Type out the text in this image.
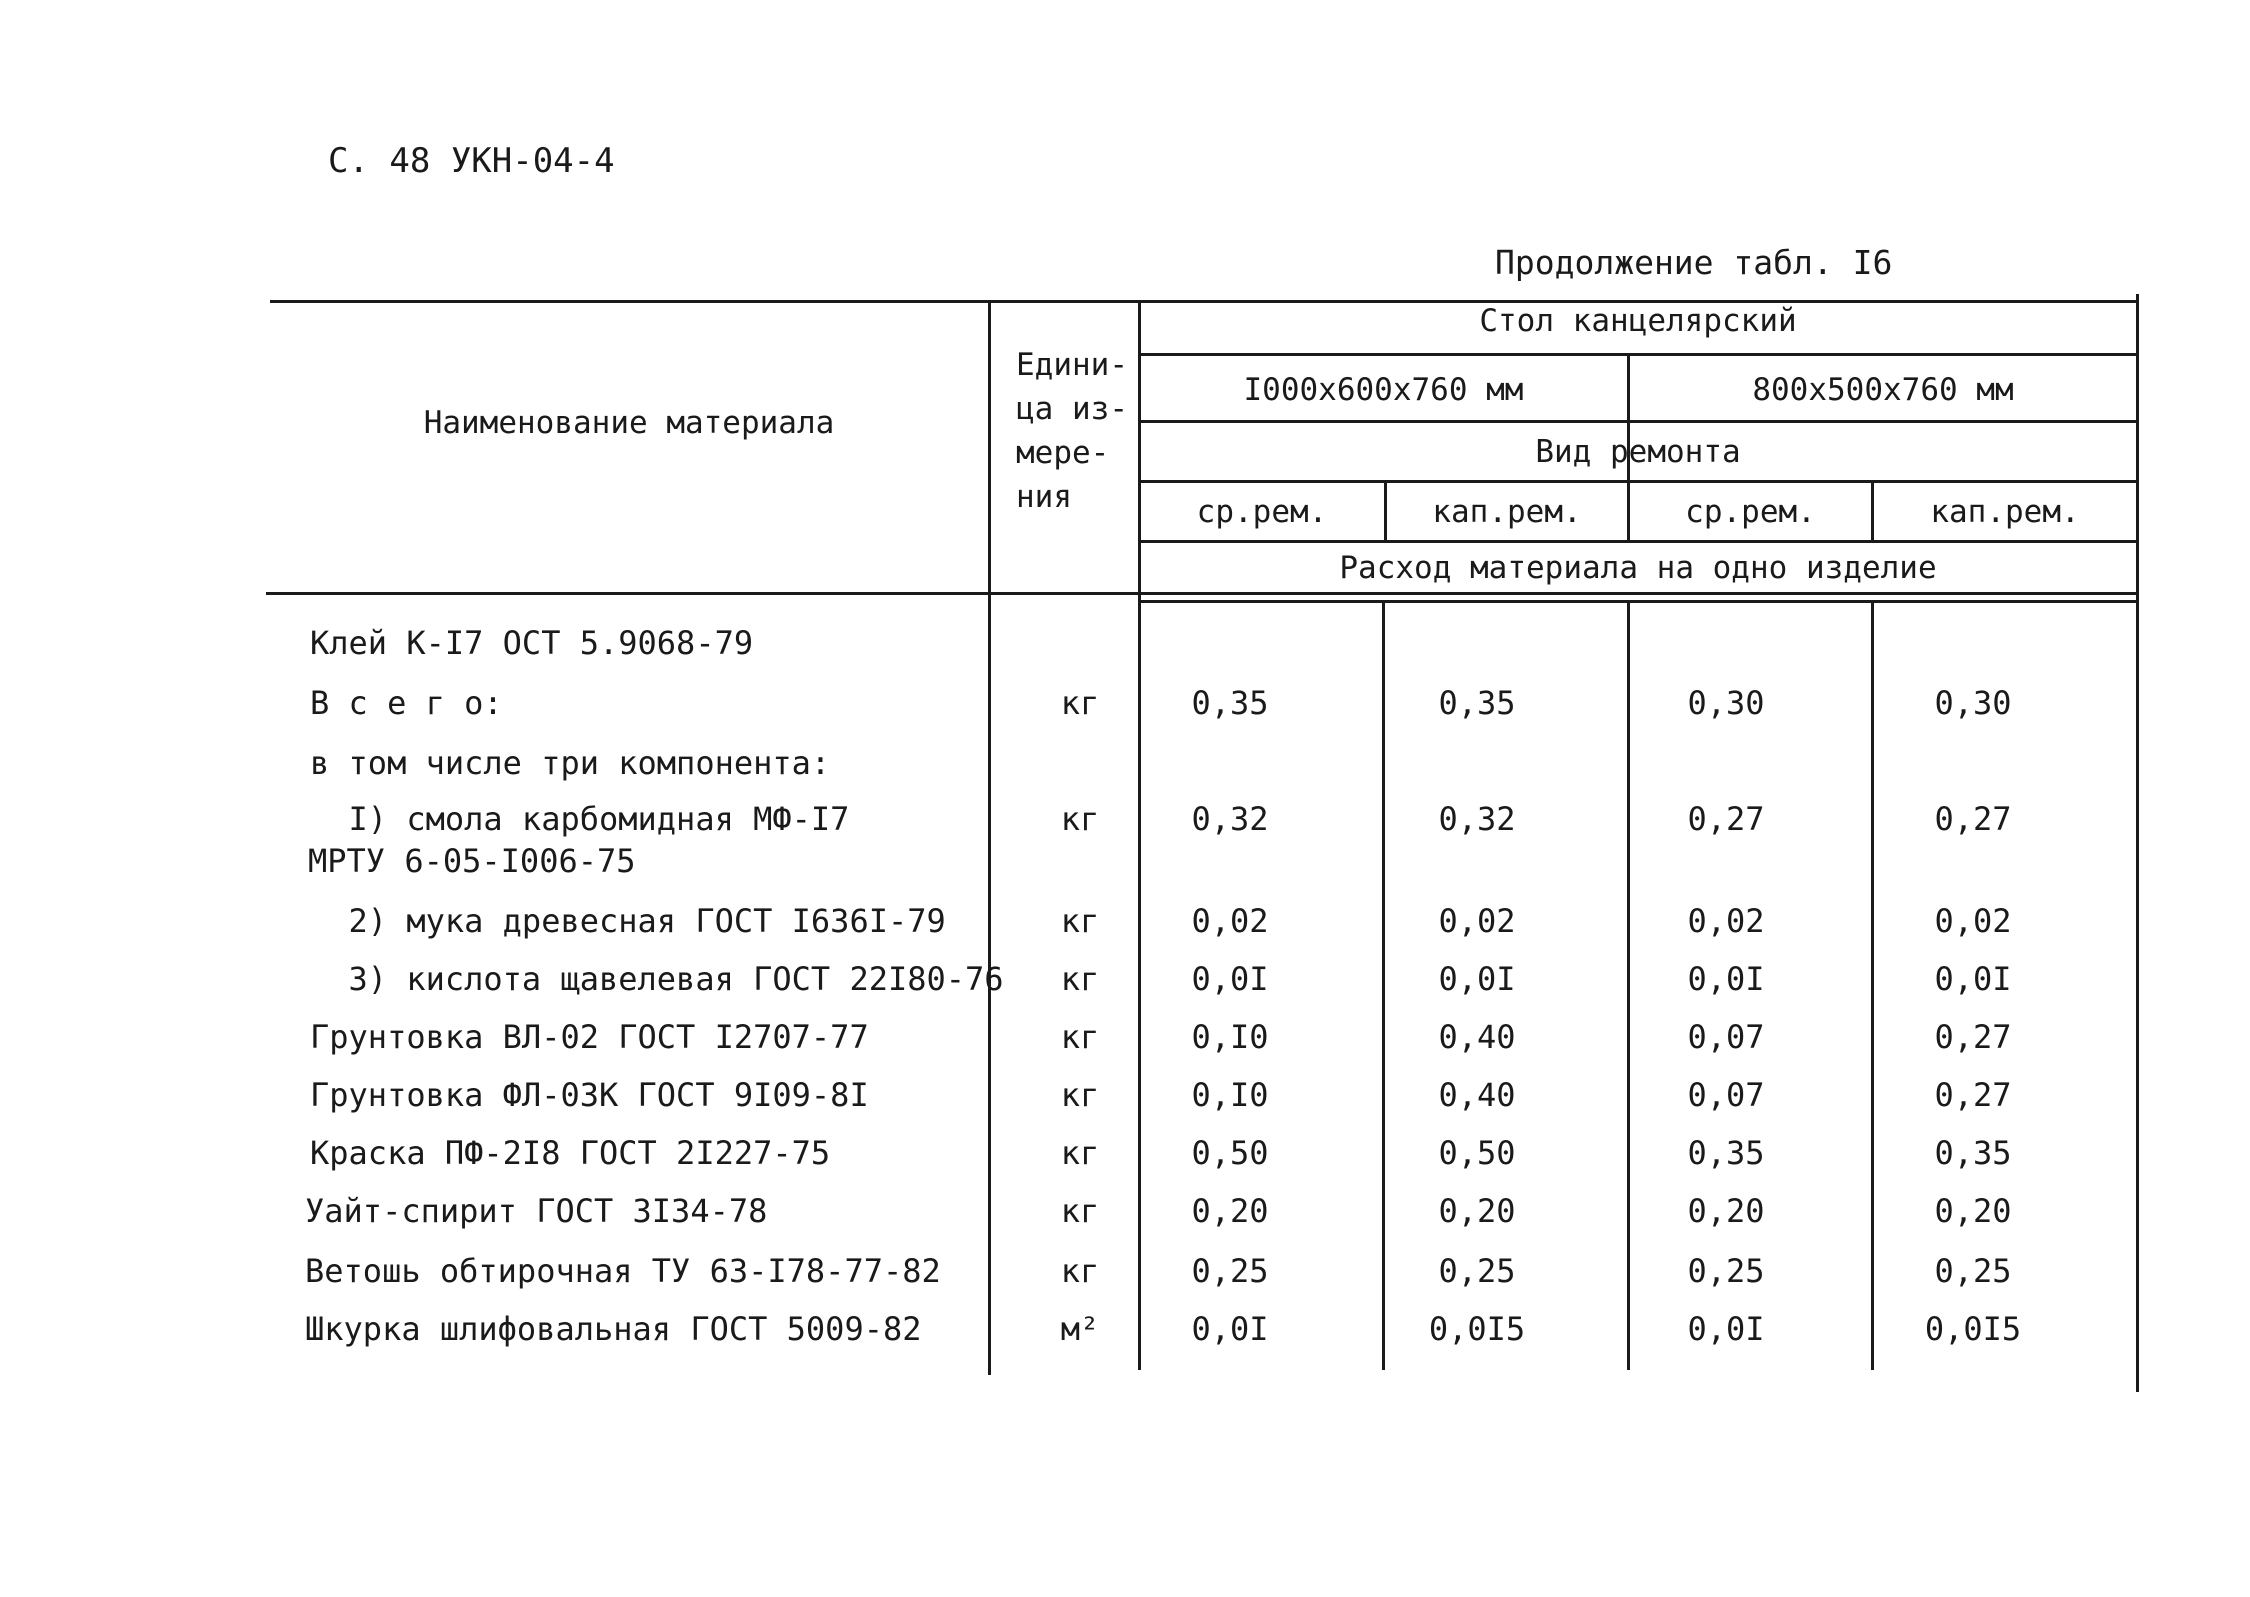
С. 48 УКН-04-4
Продолжение табл. I6
Наименование материала
Едини-
ца из-
мере-
ния
Стол канцелярский
I000x600x760 мм	800x500x760 мм
Вид ремонта
ср.рем.	кап.рем.	ср.рем.	кап.рем.
Расход материала на одно изделие
Клей К-I7 ОСТ 5.9068-79
В с е г о:	кг	0,35	0,35	0,30	0,30
в том числе три компонента:
I) смола карбомидная МФ-I7
МРТУ 6-05-I006-75
кг	0,32	0,32	0,27	0,27
2) мука древесная ГОСТ I636I-79	кг	0,02	0,02	0,02	0,02
3) кислота щавелевая ГОСТ 22I80-76	кг	0,0I	0,0I	0,0I	0,0I
Грунтовка ВЛ-02 ГОСТ I2707-77	кг	0,I0	0,40	0,07	0,27
Грунтовка ФЛ-03К ГОСТ 9I09-8I	кг	0,I0	0,40	0,07	0,27
Краска ПФ-2I8 ГОСТ 2I227-75	кг	0,50	0,50	0,35	0,35
Уайт-спирит ГОСТ 3I34-78	кг	0,20	0,20	0,20	0,20
Ветошь обтирочная ТУ 63-I78-77-82	кг	0,25	0,25	0,25	0,25
Шкурка шлифовальная ГОСТ 5009-82	м²	0,0I	0,0I5	0,0I	0,0I5
